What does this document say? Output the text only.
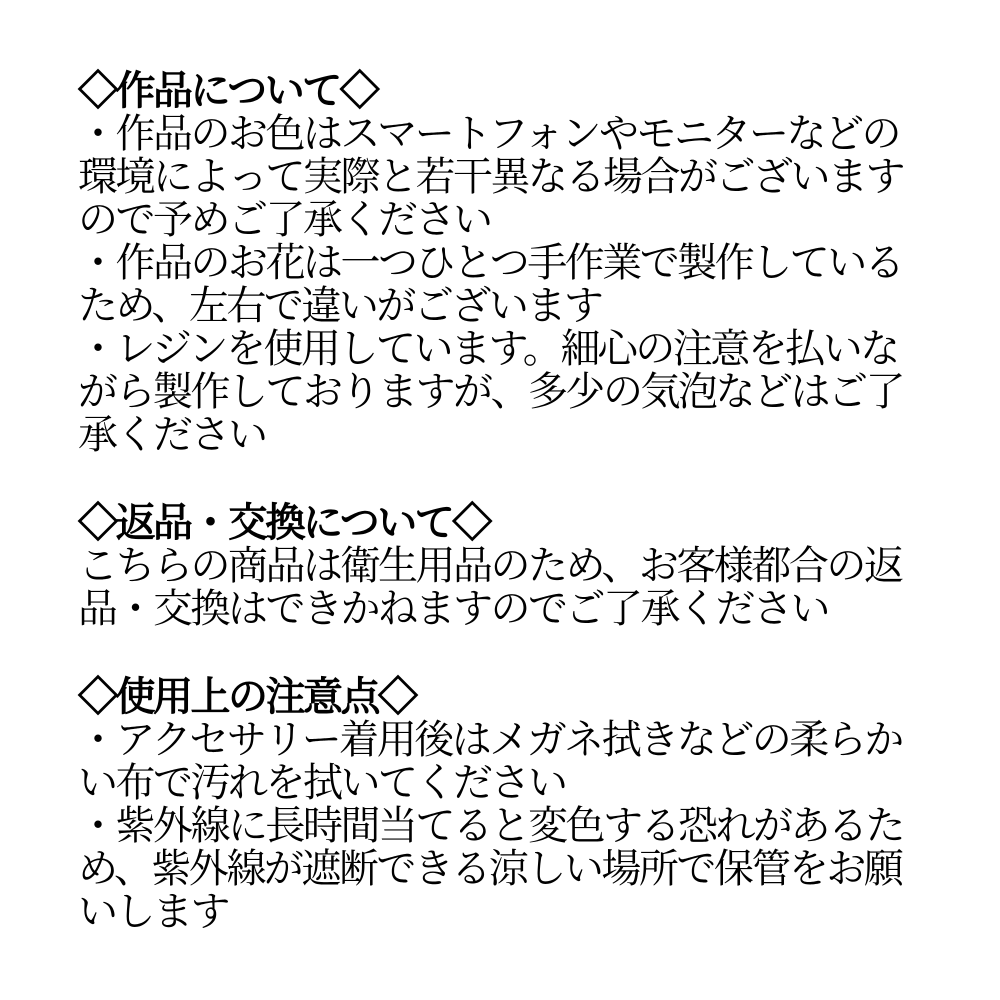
◇作品について◇
・作品のお色はスマートフォンやモニターなどの
環境によって実際と若干異なる場合がございます
ので予めご了承ください
・作品のお花は一つひとつ手作業で製作している
ため、左右で違いがございます
・レジンを使用しています。細心の注意を払いな
がら製作しておりますが、多少の気泡などはご了
承ください
◇返品・交換について◇
こちらの商品は衛生用品のため、お客様都合の返
品・交換はできかねますのでご了承ください
◇使用上の注意点◇
・アクセサリー着用後はメガネ拭きなどの柔らか
い布で汚れを拭いてください
・紫外線に長時間当てると変色する恐れがあるた
め、紫外線が遮断できる涼しい場所で保管をお願
いします
